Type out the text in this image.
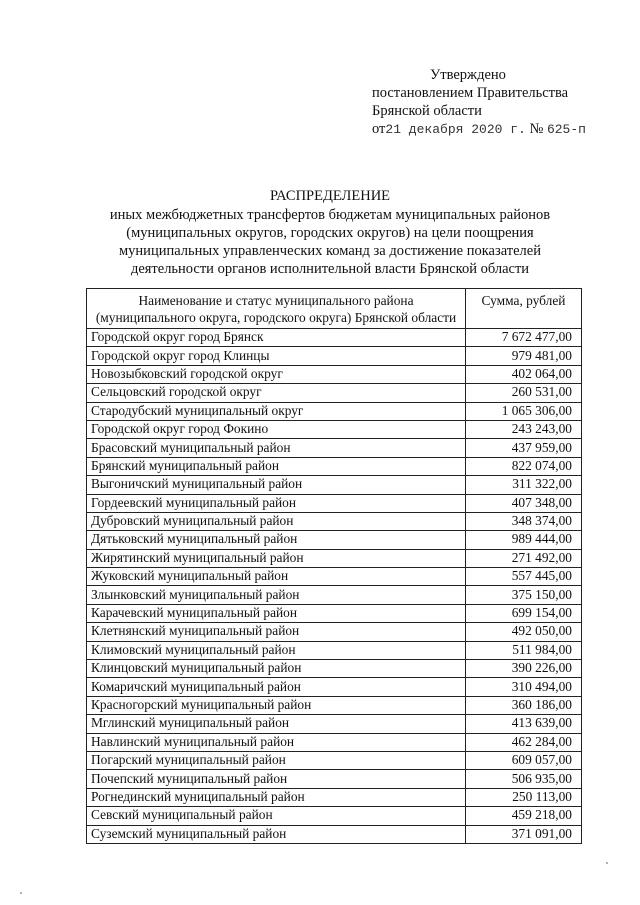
Утверждено
постановлением Правительства
Брянской области
от21 декабря 2020 г. № 625-п
РАСПРЕДЕЛЕНИЕ
иных межбюджетных трансфертов бюджетам муниципальных районов
(муниципальных округов, городских округов) на цели поощрения
муниципальных управленческих команд за достижение показателей
деятельности органов исполнительной власти Брянской области
Наименование и статус муниципального района (муниципального округа, городского округа) Брянской области	Сумма, рублей
Городской округ город Брянск	7 672 477,00
Городской округ город Клинцы	979 481,00
Новозыбковский городской округ	402 064,00
Сельцовский городской округ	260 531,00
Стародубский муниципальный округ	1 065 306,00
Городской округ город Фокино	243 243,00
Брасовский муниципальный район	437 959,00
Брянский муниципальный район	822 074,00
Выгоничский муниципальный район	311 322,00
Гордеевский муниципальный район	407 348,00
Дубровский муниципальный район	348 374,00
Дятьковский муниципальный район	989 444,00
Жирятинский муниципальный район	271 492,00
Жуковский муниципальный район	557 445,00
Злынковский муниципальный район	375 150,00
Карачевский муниципальный район	699 154,00
Клетнянский муниципальный район	492 050,00
Климовский муниципальный район	511 984,00
Клинцовский муниципальный район	390 226,00
Комаричский муниципальный район	310 494,00
Красногорский муниципальный район	360 186,00
Мглинский муниципальный район	413 639,00
Навлинский муниципальный район	462 284,00
Погарский муниципальный район	609 057,00
Почепский муниципальный район	506 935,00
Рогнединский муниципальный район	250 113,00
Севский муниципальный район	459 218,00
Суземский муниципальный район	371 091,00
